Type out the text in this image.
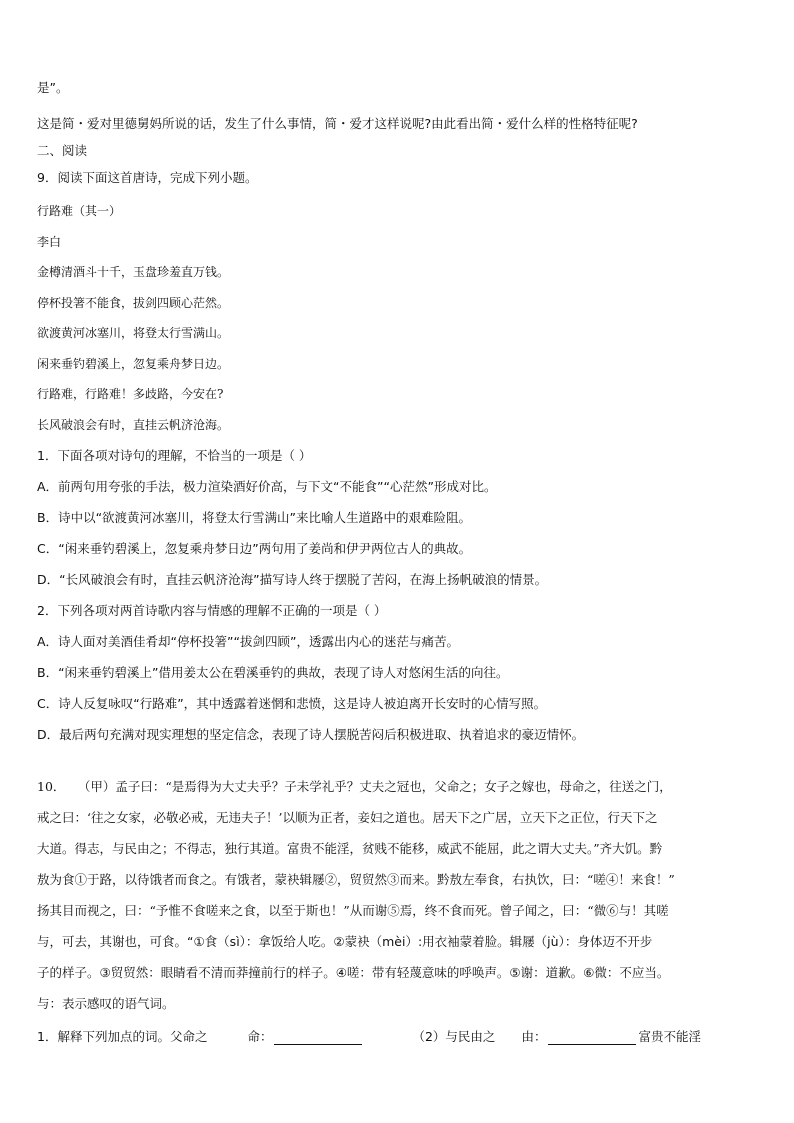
是”。
这是简・爱对里德舅妈所说的话，发生了什么事情，简・爱才这样说呢?由此看出简・爱什么样的性格特征呢?
二、阅读
9．阅读下面这首唐诗，完成下列小题。
行路难（其一）
李白
金樽清酒斗十千，玉盘珍羞直万钱。
停杯投箸不能食，拔剑四顾心茫然。
欲渡黄河冰塞川，将登太行雪满山。
闲来垂钓碧溪上，忽复乘舟梦日边。
行路难，行路难！多歧路，今安在?
长风破浪会有时，直挂云帆济沧海。
1．下面各项对诗句的理解，不恰当的一项是（ ）
A．前两句用夸张的手法，极力渲染酒好价高，与下文“不能食”“心茫然”形成对比。
B．诗中以“欲渡黄河冰塞川，将登太行雪满山”来比喻人生道路中的艰难险阻。
C．“闲来垂钓碧溪上，忽复乘舟梦日边”两句用了姜尚和伊尹两位古人的典故。
D．“长风破浪会有时，直挂云帆济沧海”描写诗人终于摆脱了苦闷，在海上扬帆破浪的情景。
2．下列各项对两首诗歌内容与情感的理解不正确的一项是（ ）
A．诗人面对美酒佳肴却“停杯投箸”“拔剑四顾”，透露出内心的迷茫与痛苦。
B．“闲来垂钓碧溪上”借用姜太公在碧溪垂钓的典故，表现了诗人对悠闲生活的向往。
C．诗人反复咏叹“行路难”，其中透露着迷惘和悲愤，这是诗人被迫离开长安时的心情写照。
D．最后两句充满对现实理想的坚定信念，表现了诗人摆脱苦闷后积极进取、执着追求的豪迈情怀。
10．　　（甲）孟子曰：“是焉得为大丈夫乎？子未学礼乎？丈夫之冠也，父命之；女子之嫁也，母命之，往送之门，
戒之曰：‘往之女家，必敬必戒，无违夫子！’以顺为正者，妾妇之道也。居天下之广居，立天下之正位，行天下之
大道。得志，与民由之；不得志，独行其道。富贵不能淫，贫贱不能移，威武不能屈，此之谓大丈夫。”齐大饥。黔
敖为食①于路，以待饿者而食之。有饿者，蒙袂辑屦②，贸贸然③而来。黔敖左奉食，右执饮，曰：“嗟④！来食！”
扬其目而视之，曰：“予惟不食嗟来之食，以至于斯也！”从而谢⑤焉，终不食而死。曾子闻之，曰：“微⑥与！其嗟
与，可去，其谢也，可食。“①食（sì）：拿饭给人吃。②蒙袂（mèi）:用衣袖蒙着脸。辑屦（jù）：身体迈不开步
子的样子。③贸贸然：眼睛看不清而莽撞前行的样子。④嗟：带有轻蔑意味的呼唤声。⑤谢：道歉。⑥微：不应当。
与：表示感叹的语气词。
1．解释下列加点的词。父命之	命：	（2）与民由之 由：	富贵不能淫
